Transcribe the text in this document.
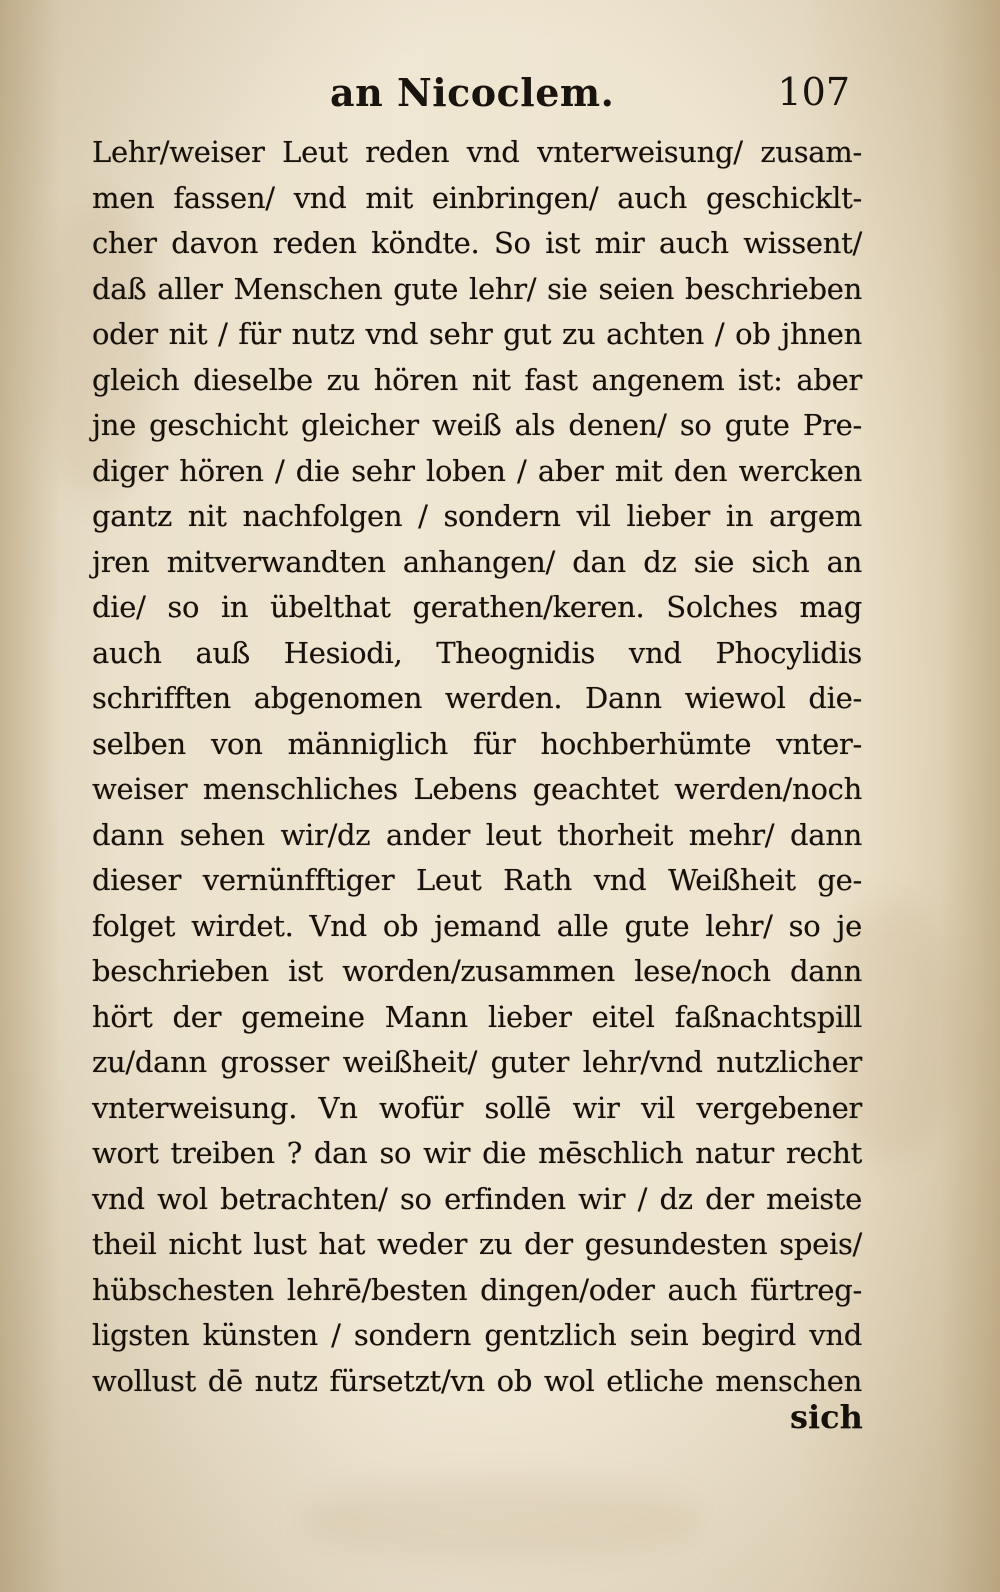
an Nicoclem.	107
Lehr/weiser Leut reden vnd vnterweisung/ zusam-
men fassen/ vnd mit einbringen/ auch geschicklt-
cher davon reden köndte. So ist mir auch wissent/
daß aller Menschen gute lehr/ sie seien beschrieben
oder nit / für nutz vnd sehr gut zu achten / ob jhnen
gleich dieselbe zu hören nit fast angenem ist: aber
jne geschicht gleicher weiß als denen/ so gute Pre-
diger hören / die sehr loben / aber mit den wercken
gantz nit nachfolgen / sondern vil lieber in argem
jren mitverwandten anhangen/ dan dz sie sich an
die/ so in übelthat gerathen/keren. Solches mag
auch auß Hesiodi, Theognidis vnd Phocylidis
schrifften abgenomen werden. Dann wiewol die-
selben von männiglich für hochberhümte vnter-
weiser menschliches Lebens geachtet werden/noch
dann sehen wir/dz ander leut thorheit mehr/ dann
dieser vernünfftiger Leut Rath vnd Weißheit ge-
folget wirdet. Vnd ob jemand alle gute lehr/ so je
beschrieben ist worden/zusammen lese/noch dann
hört der gemeine Mann lieber eitel faßnachtspill
zu/dann grosser weißheit/ guter lehr/vnd nutzlicher
vnterweisung. Vn wofür sollē wir vil vergebener
wort treiben ? dan so wir die mēschlich natur recht
vnd wol betrachten/ so erfinden wir / dz der meiste
theil nicht lust hat weder zu der gesundesten speis/
hübschesten lehrē/besten dingen/oder auch fürtreg-
ligsten künsten / sondern gentzlich sein begird vnd
wollust dē nutz fürsetzt/vn ob wol etliche menschen
sich
